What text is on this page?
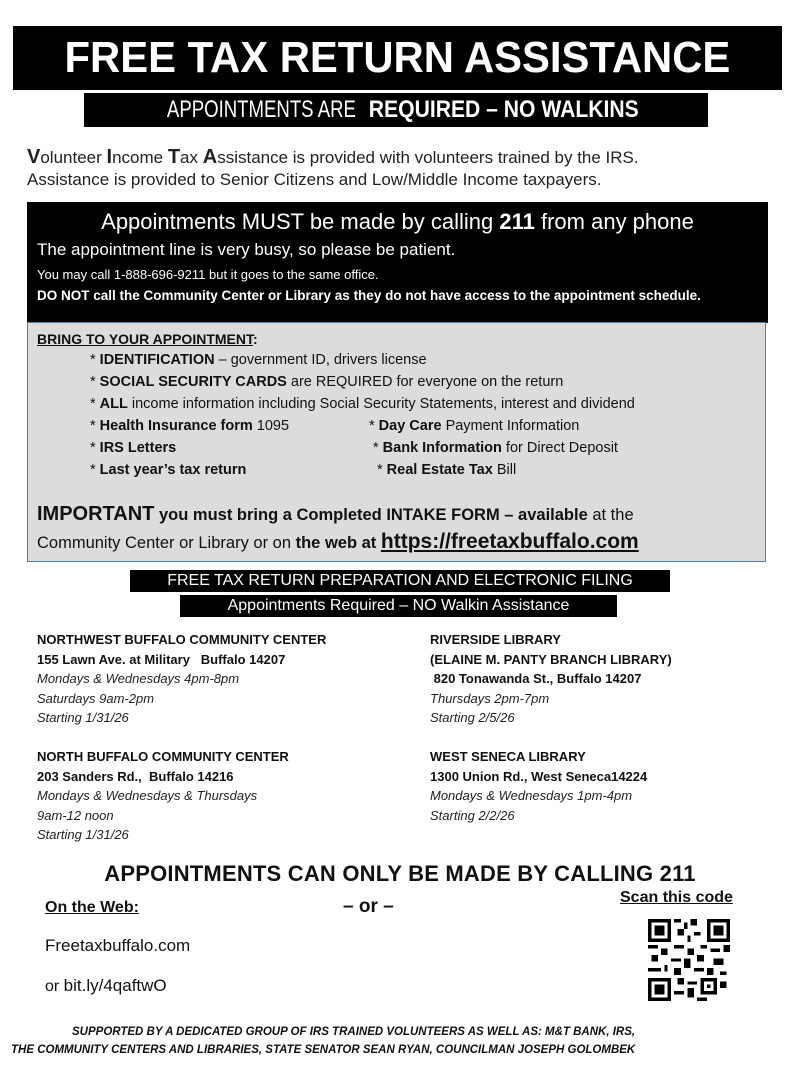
FREE TAX RETURN ASSISTANCE
APPOINTMENTS AREREQUIRED – NO WALKINS
Volunteer Income Tax Assistance is provided with volunteers trained by the IRS.
Assistance is provided to Senior Citizens and Low/Middle Income taxpayers.
Appointments MUST be made by calling 211 from any phone
The appointment line is very busy, so please be patient.
You may call 1-888-696-9211 but it goes to the same office.
DO NOT call the Community Center or Library as they do not have access to the appointment schedule.
BRING TO YOUR APPOINTMENT:
* IDENTIFICATION – government ID, drivers license
* SOCIAL SECURITY CARDS are REQUIRED for everyone on the return
* ALL income information including Social Security Statements, interest and dividend
* Health Insurance form 1095	* Day Care Payment Information
* IRS Letters	* Bank Information for Direct Deposit
* Last year’s tax return	* Real Estate Tax Bill
IMPORTANT you must bring a Completed INTAKE FORM – available at the
Community Center or Library or on the web at https://freetaxbuffalo.com
FREE TAX RETURN PREPARATION AND ELECTRONIC FILING
Appointments Required – NO Walkin Assistance
NORTHWEST BUFFALO COMMUNITY CENTER
155 Lawn Ave. at Military   Buffalo 14207
Mondays & Wednesdays 4pm-8pm
Saturdays 9am-2pm
Starting 1/31/26
RIVERSIDE LIBRARY
(ELAINE M. PANTY BRANCH LIBRARY)
820 Tonawanda St., Buffalo 14207
Thursdays 2pm-7pm
Starting 2/5/26
NORTH BUFFALO COMMUNITY CENTER
203 Sanders Rd.,  Buffalo 14216
Mondays & Wednesdays & Thursdays
9am-12 noon
Starting 1/31/26
WEST SENECA LIBRARY
1300 Union Rd., West Seneca14224
Mondays & Wednesdays 1pm-4pm
Starting 2/2/26
APPOINTMENTS CAN ONLY BE MADE BY CALLING 211
On the Web:	– or –	Scan this code
Freetaxbuffalo.com
or bit.ly/4qaftwO
SUPPORTED BY A DEDICATED GROUP OF IRS TRAINED VOLUNTEERS AS WELL AS: M&T BANK, IRS,
THE COMMUNITY CENTERS AND LIBRARIES, STATE SENATOR SEAN RYAN, COUNCILMAN JOSEPH GOLOMBEK
